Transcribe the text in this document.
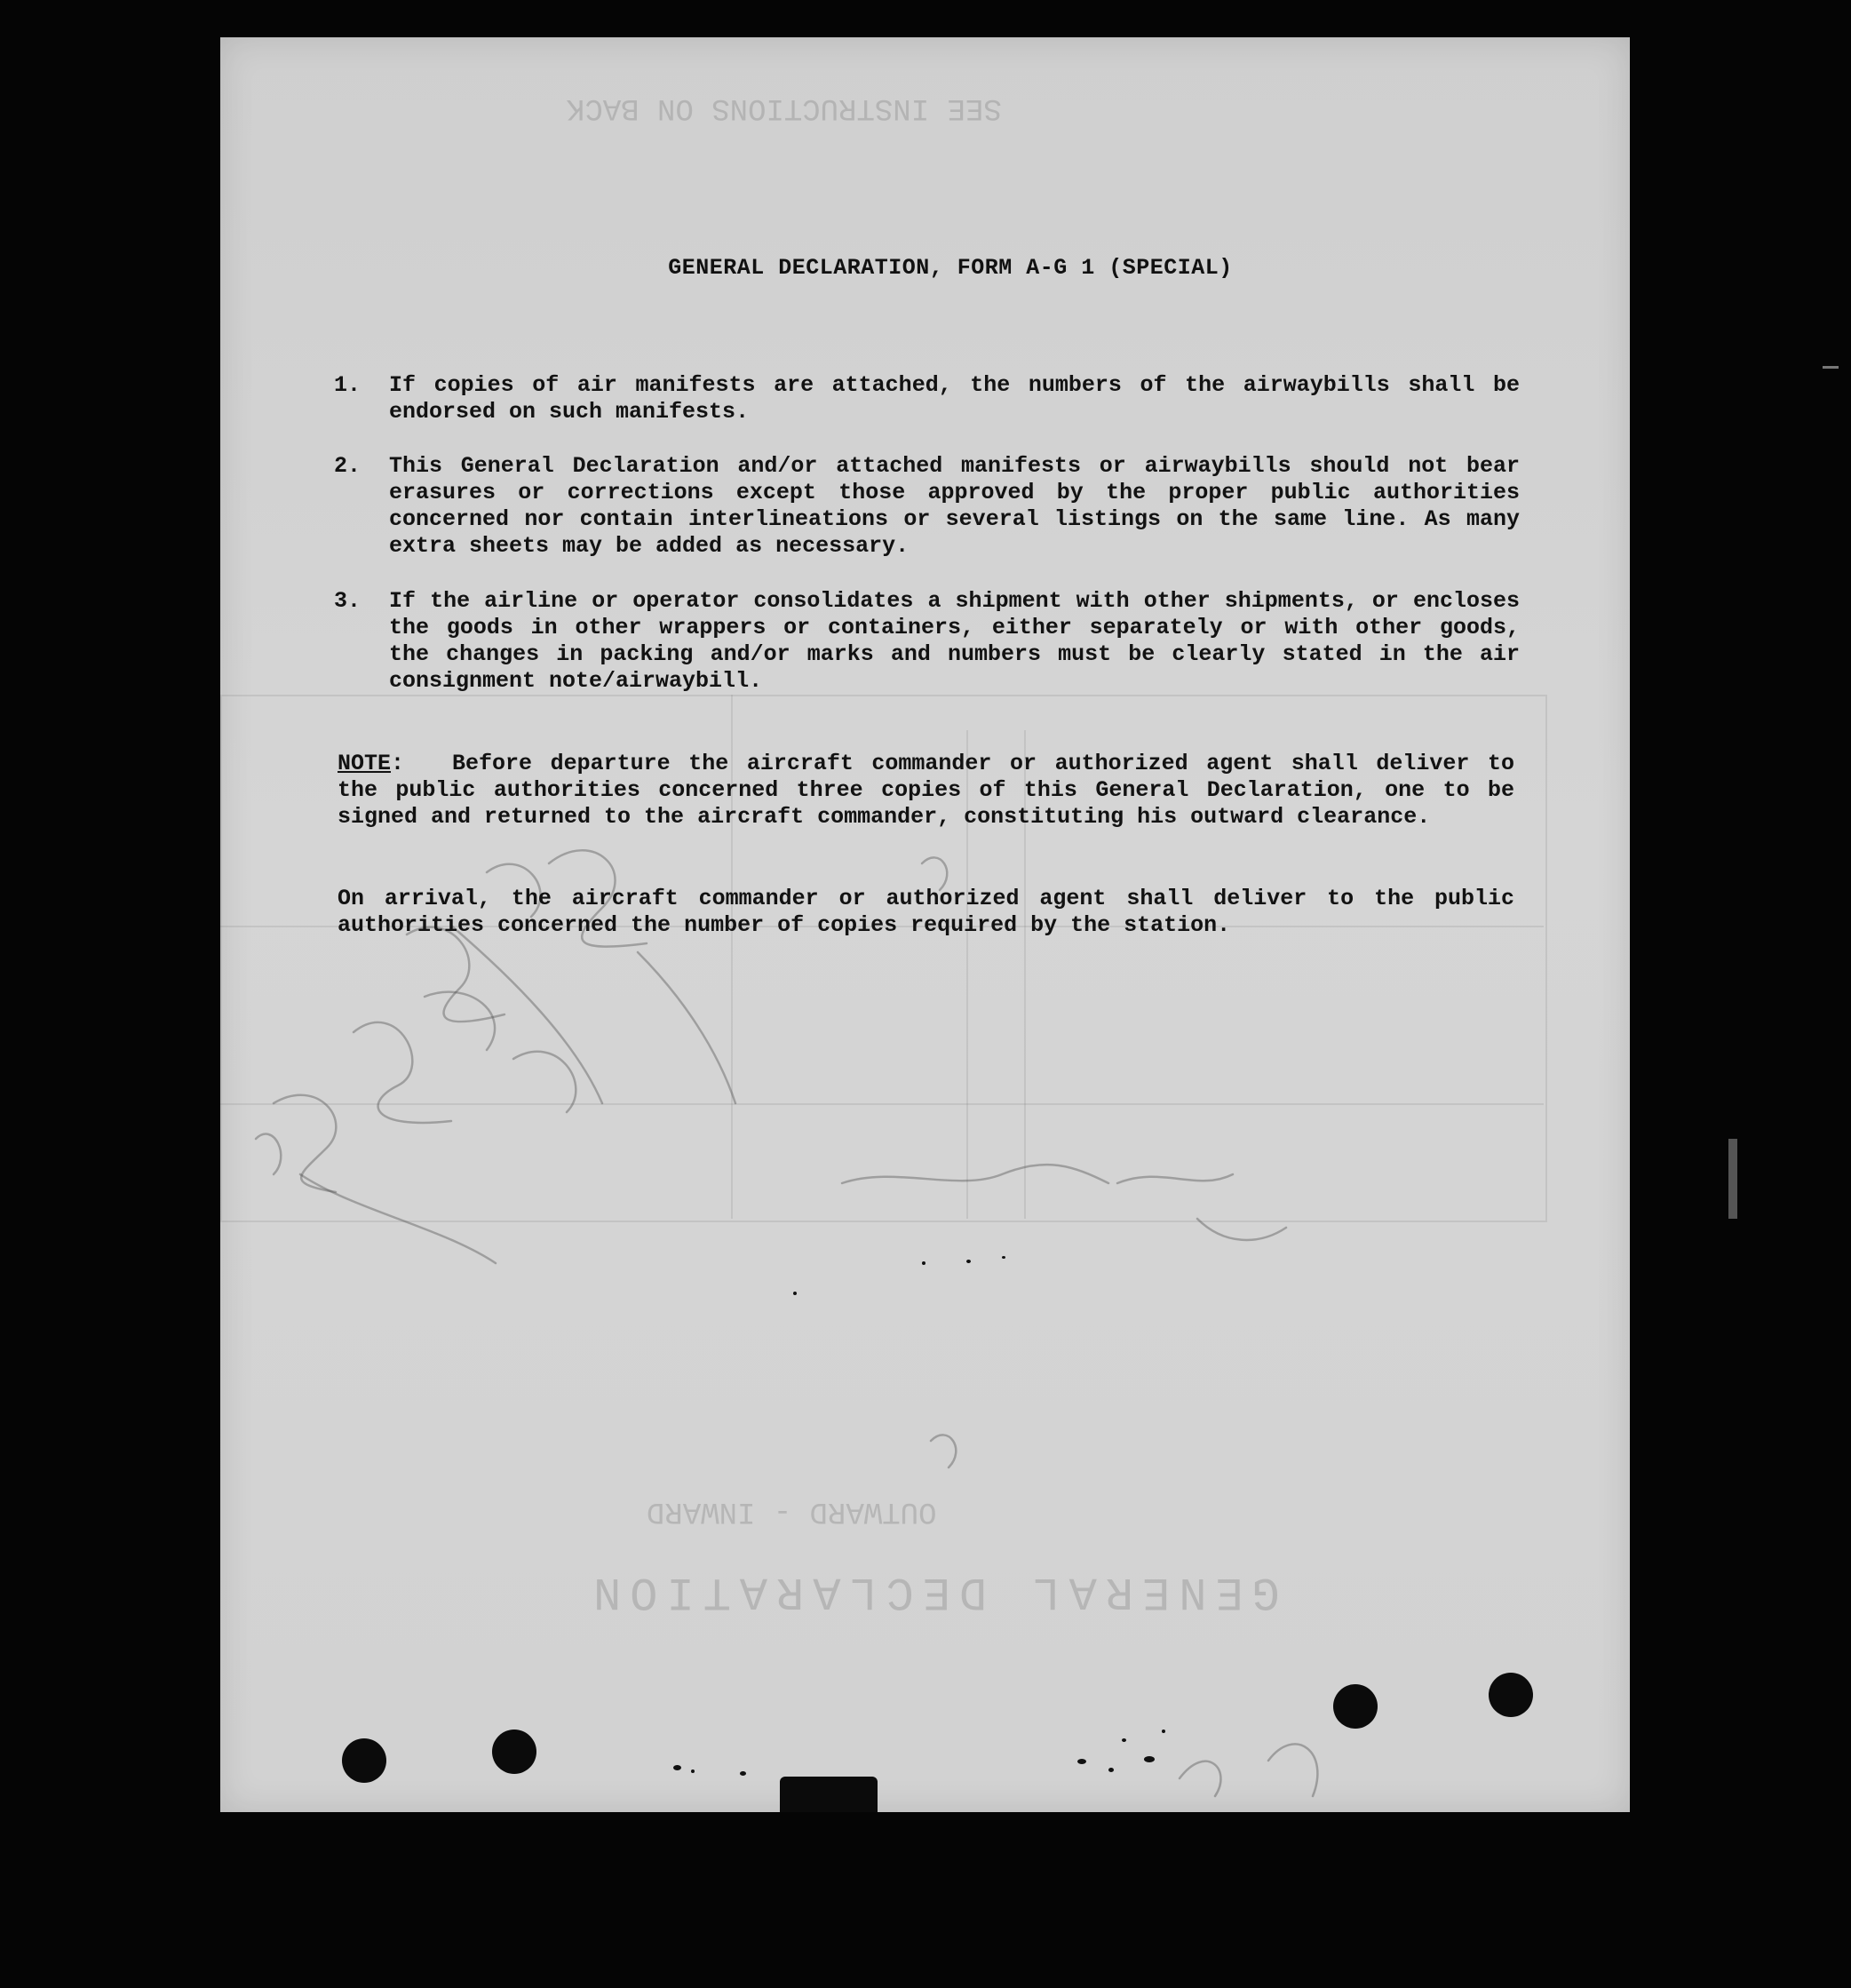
SEE INSTRUCTIONS ON BACK
GENERAL DECLARATION
OUTWARD - INWARD
GENERAL DECLARATION, FORM A-G 1 (SPECIAL)
1.	If copies of air manifests are attached, the numbers of the airwaybills shall be endorsed on such manifests.
2.	This General Declaration and/or attached manifests or airwaybills should not bear erasures or corrections except those approved by the proper public authorities concerned nor contain interlineations or several listings on the same line. As many extra sheets may be added as necessary.
3.	If the airline or operator consolidates a shipment with other shipments, or encloses the goods in other wrappers or containers, either separately or with other goods, the changes in packing and/or marks and numbers must be clearly stated in the air consignment note/airwaybill.
NOTE: Before departure the aircraft commander or authorized agent shall deliver to the public authorities concerned three copies of this General Declaration, one to be signed and returned to the aircraft commander, constituting his outward clearance.
On arrival, the aircraft commander or authorized agent shall deliver to the public authorities concerned the number of copies required by the station.
